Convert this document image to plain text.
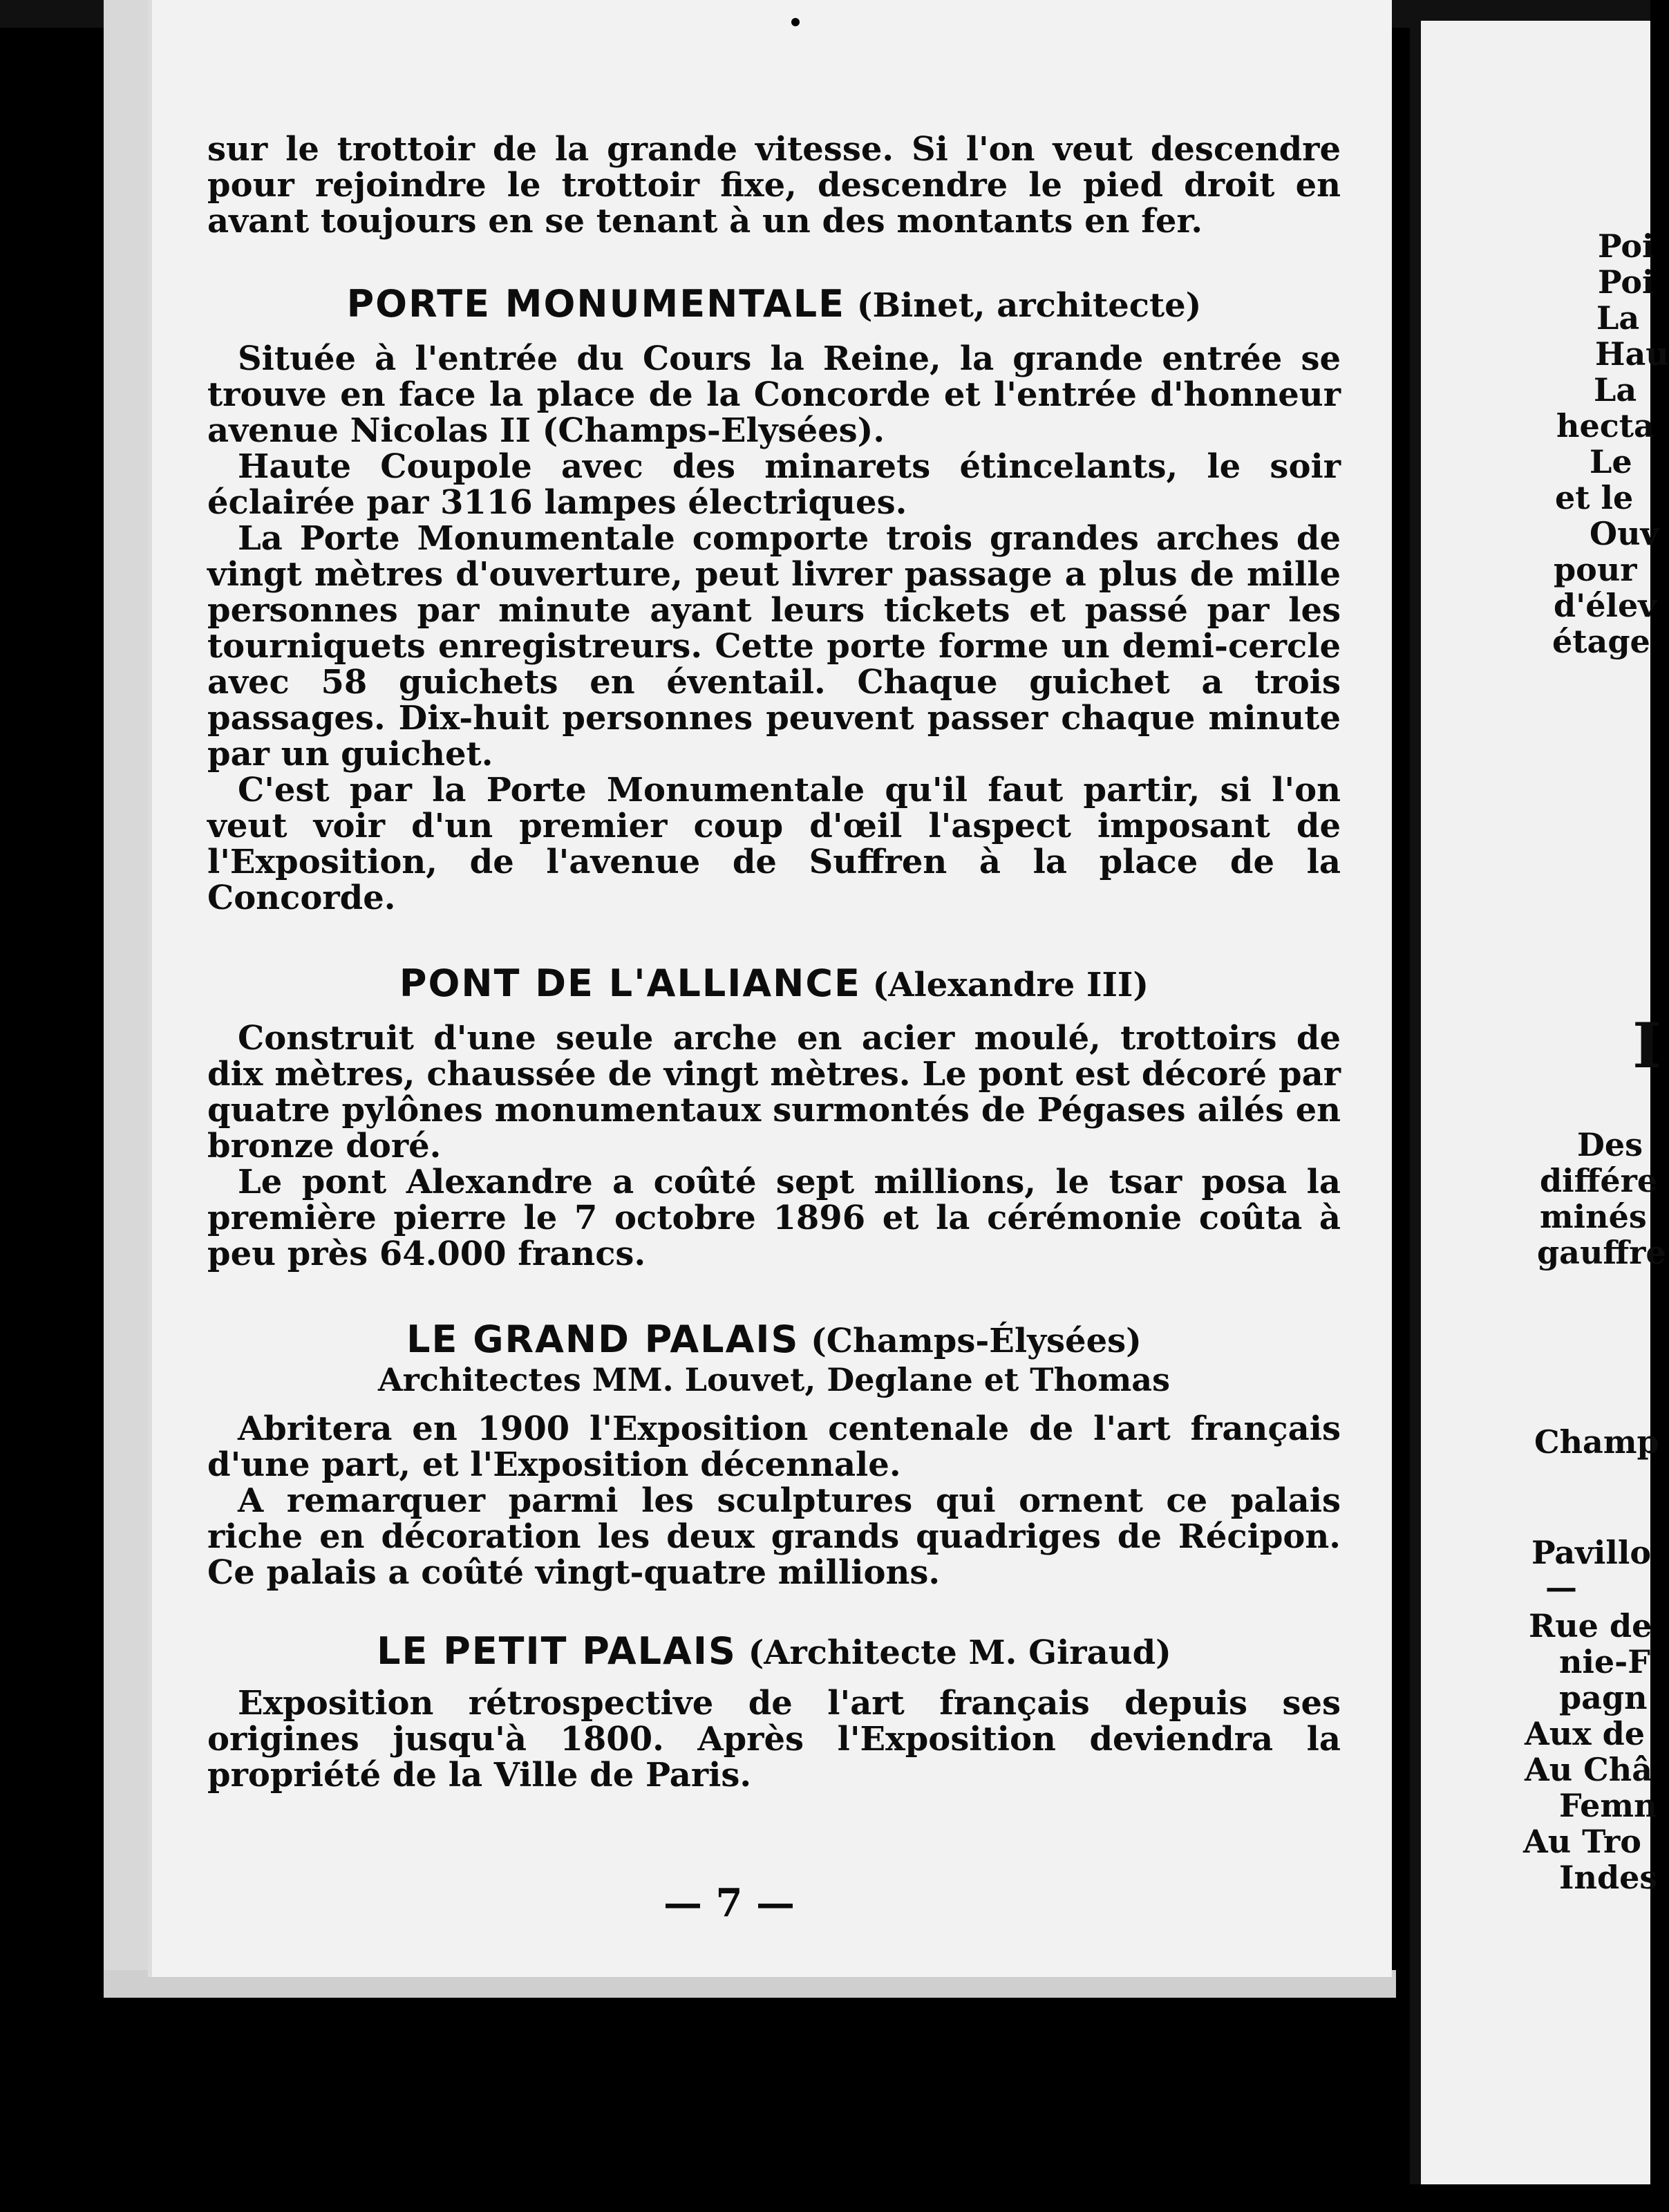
sur le trottoir de la grande vitesse. Si l'on veut descendre pour rejoindre le trottoir fixe, descendre le pied droit en avant toujours en se tenant à un des montants en fer.

PORTE MONUMENTALE (Binet, architecte)

Située à l'entrée du Cours la Reine, la grande entrée se trouve en face la place de la Concorde et l'entrée d'honneur avenue Nicolas II (Champs-Elysées).

Haute Coupole avec des minarets étincelants, le soir éclairée par 3116 lampes électriques.

La Porte Monumentale comporte trois grandes arches de vingt mètres d'ouverture, peut livrer passage a plus de mille personnes par minute ayant leurs tickets et passé par les tourniquets enregistreurs. Cette porte forme un demi-cercle avec 58 guichets en éventail. Chaque guichet a trois passages. Dix-huit personnes peuvent passer chaque minute par un guichet.

C'est par la Porte Monumentale qu'il faut partir, si l'on veut voir d'un premier coup d'œil l'aspect imposant de l'Exposition, de l'avenue de Suffren à la place de la Concorde.

PONT DE L'ALLIANCE (Alexandre III)

Construit d'une seule arche en acier moulé, trottoirs de dix mètres, chaussée de vingt mètres. Le pont est décoré par quatre pylônes monumentaux surmontés de Pégases ailés en bronze doré.

Le pont Alexandre a coûté sept millions, le tsar posa la première pierre le 7 octobre 1896 et la cérémonie coûta à peu près 64.000 francs.

LE GRAND PALAIS (Champs-Élysées)

Architectes MM. Louvet, Deglane et Thomas

Abritera en 1900 l'Exposition centenale de l'art français d'une part, et l'Exposition décennale.

A remarquer parmi les sculptures qui ornent ce palais riche en décoration les deux grands quadriges de Récipon. Ce palais a coûté vingt-quatre millions.

LE PETIT PALAIS (Architecte M. Giraud)

Exposition rétrospective de l'art français depuis ses origines jusqu'à 1800. Après l'Exposition deviendra la propriété de la Ville de Paris.

— 7 —
Poi
Poi
La
Hau
La
hecta
Le
et le
Ouv
pour
d'élev
étage
I
Des
différe
minés
gauffre
Champ
Pavillo
—
Rue de
nie-F
pagn
Aux de
Au Châ
Femn
Au Tro
Indes
